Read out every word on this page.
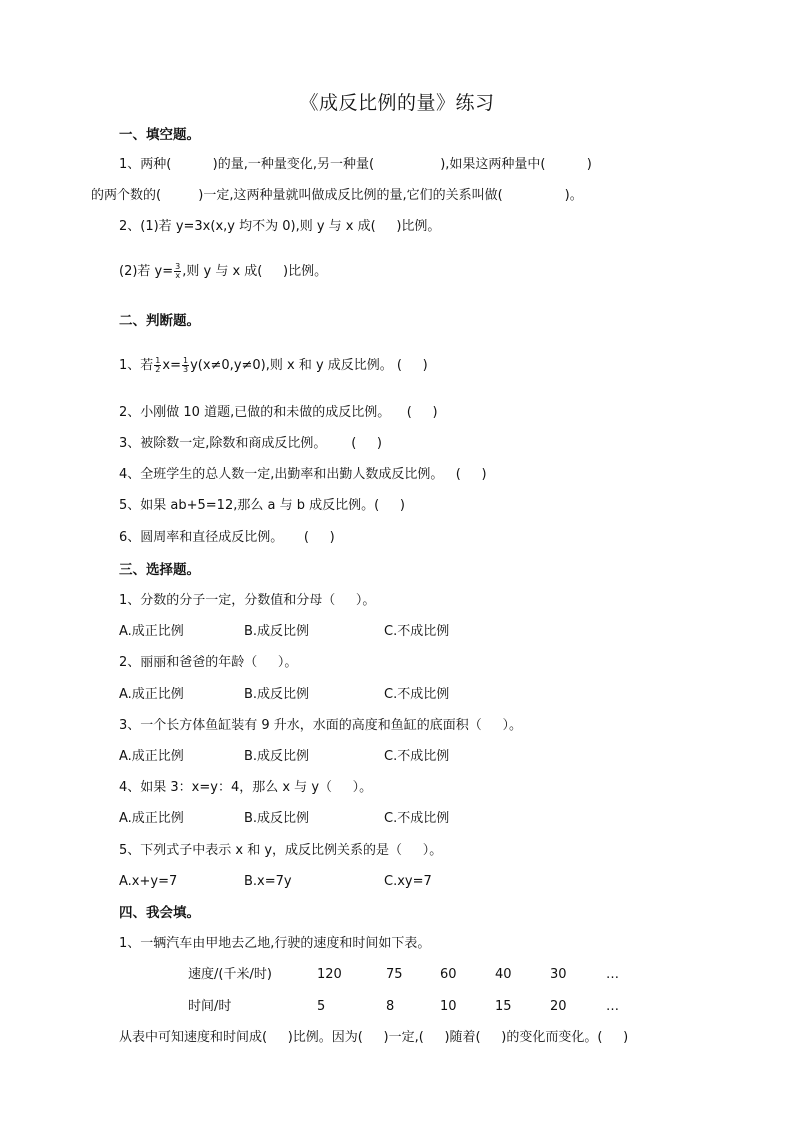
《成反比例的量》练习
一、填空题。
1、两种(          )的量,一种量变化,另一种量(                ),如果这两种量中(          )
的两个数的(         )一定,这两种量就叫做成反比例的量,它们的关系叫做(               )。
2、(1)若 y=3x(x,y 均不为 0),则 y 与 x 成(     )比例。
(2)若 $y= \frac{3}{x}$ ,则 y 与 x 成(     )比例。
二、判断题。
1、若 $\frac{1}{2} x= \frac{1}{3} y(x\ne 0,y\ne 0)$,则 x 和 y 成反比例。 (     )
2、小刚做 10 道题,已做的和未做的成反比例。    (     )
3、被除数一定,除数和商成反比例。      (     )
4、全班学生的总人数一定,出勤率和出勤人数成反比例。   (     )
5、如果 ab+5=12,那么 a 与 b 成反比例。(     )
6、圆周率和直径成反比例。     (     )
三、选择题。
1、分数的分子一定，分数值和分母（     ）。
A.成正比例	B.成反比例	C.不成比例
2、丽丽和爸爸的年龄（     ）。
A.成正比例	B.成反比例	C.不成比例
3、一个长方体鱼缸装有 9 升水，水面的高度和鱼缸的底面积（     ）。
A.成正比例	B.成反比例	C.不成比例
4、如果 3：x=y：4，那么 x 与 y（     ）。
A.成正比例	B.成反比例	C.不成比例
5、下列式子中表示 x 和 y，成反比例关系的是（     ）。
A.x+y=7	B.x=7y	C.xy=7
四、我会填。
1、一辆汽车由甲地去乙地,行驶的速度和时间如下表。
速度/(千米/时)	120	75	60	40	30	…
时间/时	5	8	10	15	20	…
从表中可知速度和时间成(     )比例。因为(     )一定,(     )随着(     )的变化而变化。(     )
